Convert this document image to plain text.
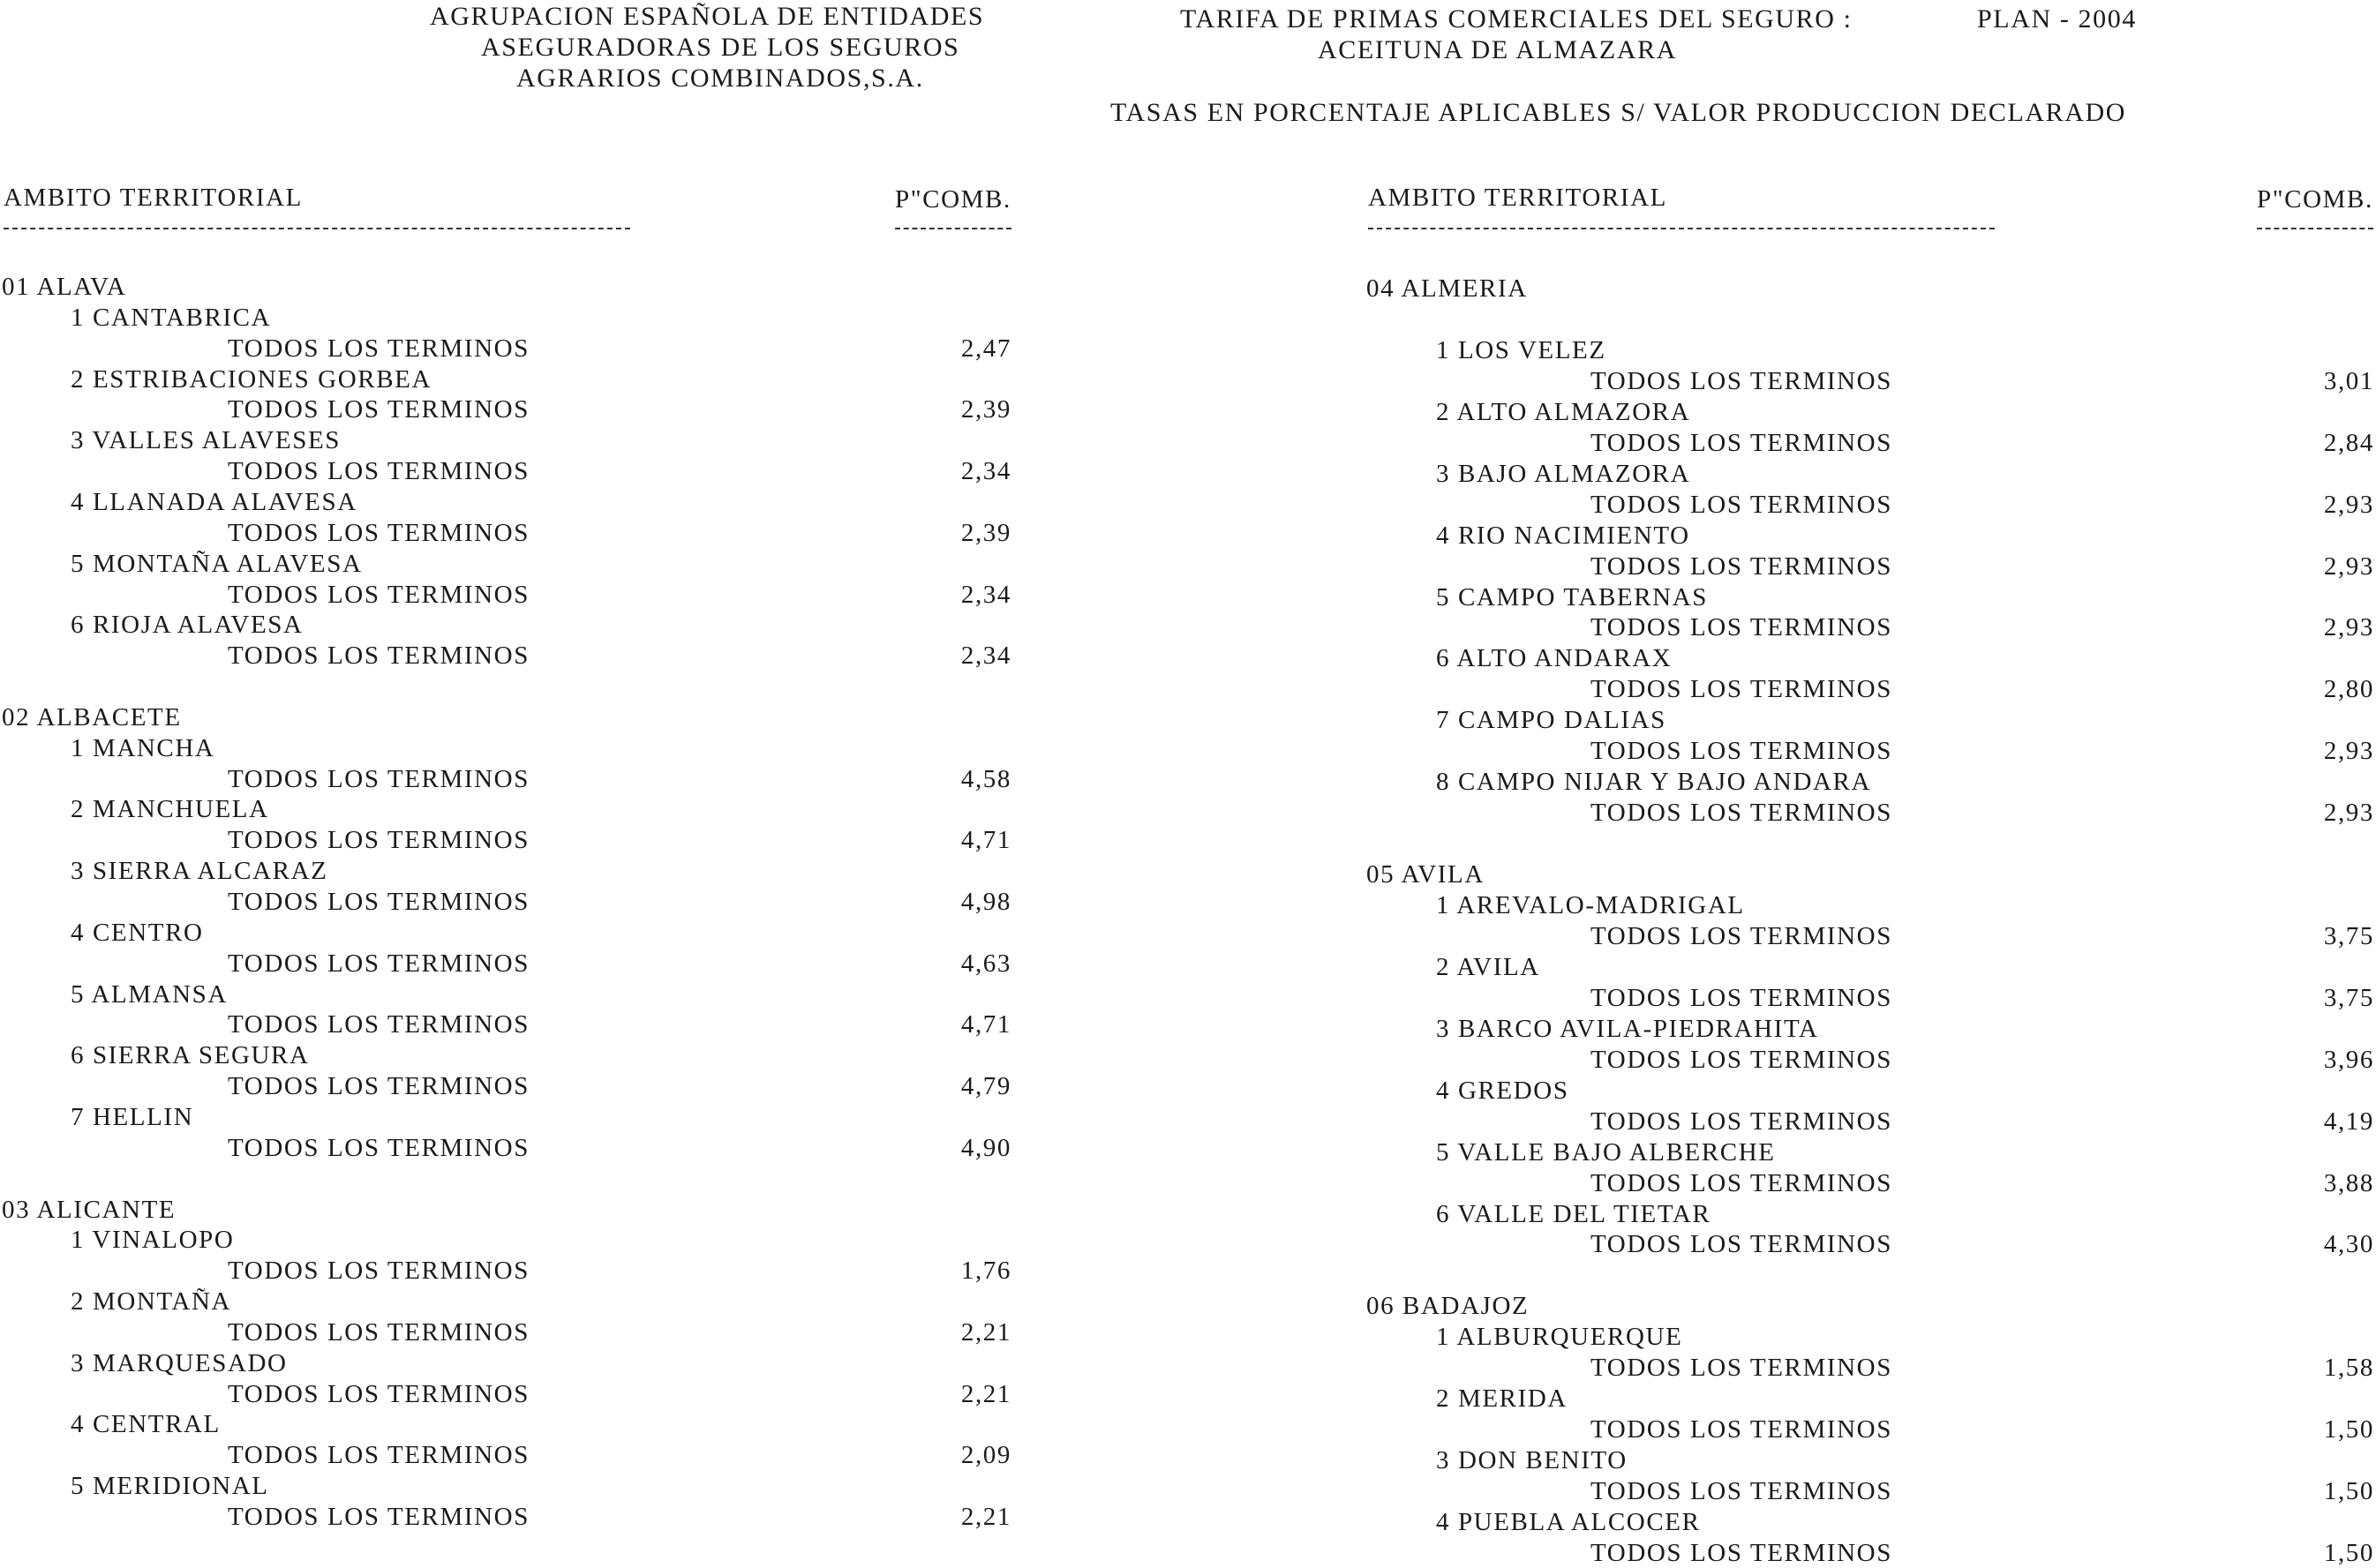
AGRUPACION ESPAÑOLA DE ENTIDADES
ASEGURADORAS DE LOS SEGUROS
AGRARIOS COMBINADOS,S.A.
TARIFA DE PRIMAS COMERCIALES DEL SEGURO :	PLAN - 2004
ACEITUNA DE ALMAZARA
TASAS EN PORCENTAJE APLICABLES S/ VALOR PRODUCCION DECLARADO
AMBITO TERRITORIAL	P"COMB.	AMBITO TERRITORIAL	P"COMB.
01 ALAVA
1 CANTABRICA
TODOS LOS TERMINOS	2,47
2 ESTRIBACIONES GORBEA
TODOS LOS TERMINOS	2,39
3 VALLES ALAVESES
TODOS LOS TERMINOS	2,34
4 LLANADA ALAVESA
TODOS LOS TERMINOS	2,39
5 MONTAÑA ALAVESA
TODOS LOS TERMINOS	2,34
6 RIOJA ALAVESA
TODOS LOS TERMINOS	2,34
02 ALBACETE
1 MANCHA
TODOS LOS TERMINOS	4,58
2 MANCHUELA
TODOS LOS TERMINOS	4,71
3 SIERRA ALCARAZ
TODOS LOS TERMINOS	4,98
4 CENTRO
TODOS LOS TERMINOS	4,63
5 ALMANSA
TODOS LOS TERMINOS	4,71
6 SIERRA SEGURA
TODOS LOS TERMINOS	4,79
7 HELLIN
TODOS LOS TERMINOS	4,90
03 ALICANTE
1 VINALOPO
TODOS LOS TERMINOS	1,76
2 MONTAÑA
TODOS LOS TERMINOS	2,21
3 MARQUESADO
TODOS LOS TERMINOS	2,21
4 CENTRAL
TODOS LOS TERMINOS	2,09
5 MERIDIONAL
TODOS LOS TERMINOS	2,21
04 ALMERIA
1 LOS VELEZ
TODOS LOS TERMINOS	3,01
2 ALTO ALMAZORA
TODOS LOS TERMINOS	2,84
3 BAJO ALMAZORA
TODOS LOS TERMINOS	2,93
4 RIO NACIMIENTO
TODOS LOS TERMINOS	2,93
5 CAMPO TABERNAS
TODOS LOS TERMINOS	2,93
6 ALTO ANDARAX
TODOS LOS TERMINOS	2,80
7 CAMPO DALIAS
TODOS LOS TERMINOS	2,93
8 CAMPO NIJAR Y BAJO ANDARA
TODOS LOS TERMINOS	2,93
05 AVILA
1 AREVALO-MADRIGAL
TODOS LOS TERMINOS	3,75
2 AVILA
TODOS LOS TERMINOS	3,75
3 BARCO AVILA-PIEDRAHITA
TODOS LOS TERMINOS	3,96
4 GREDOS
TODOS LOS TERMINOS	4,19
5 VALLE BAJO ALBERCHE
TODOS LOS TERMINOS	3,88
6 VALLE DEL TIETAR
TODOS LOS TERMINOS	4,30
06 BADAJOZ
1 ALBURQUERQUE
TODOS LOS TERMINOS	1,58
2 MERIDA
TODOS LOS TERMINOS	1,50
3 DON BENITO
TODOS LOS TERMINOS	1,50
4 PUEBLA ALCOCER
TODOS LOS TERMINOS	1,50
